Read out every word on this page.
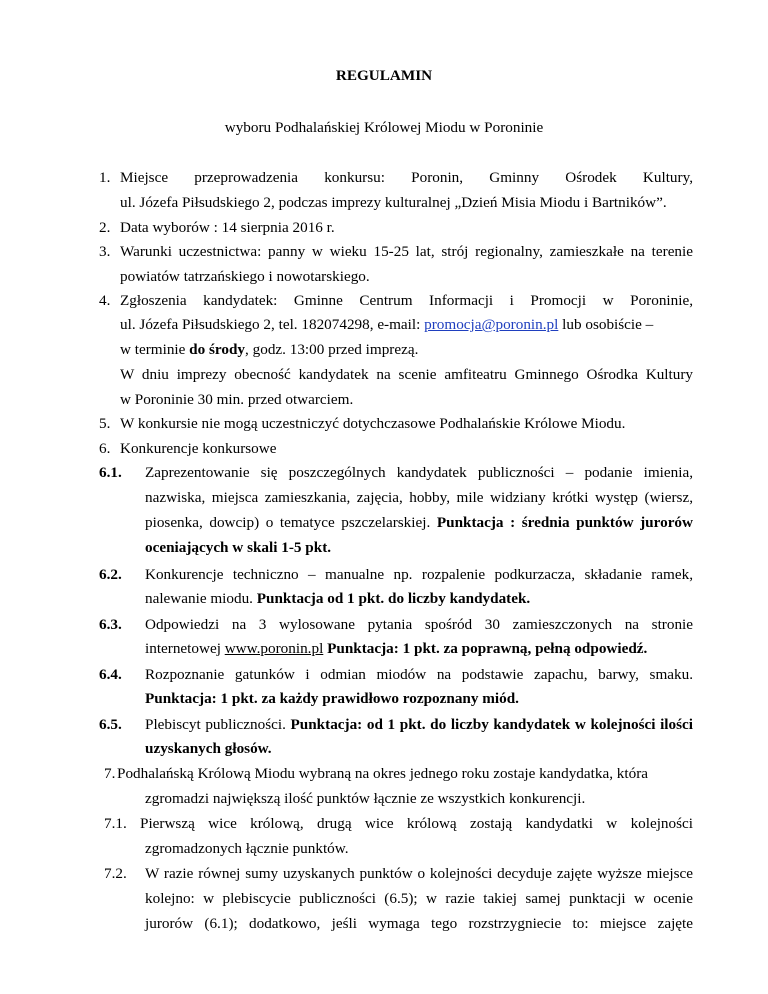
REGULAMIN
wyboru Podhalańskiej Królowej Miodu w Poroninie
1. Miejsce przeprowadzenia konkursu: Poronin, Gminny Ośrodek Kultury,
ul. Józefa Piłsudskiego 2, podczas imprezy kulturalnej „Dzień Misia Miodu i Bartników”.
2. Data wyborów : 14 sierpnia 2016 r.
3. Warunki uczestnictwa: panny w wieku 15-25 lat, strój regionalny, zamieszkałe na terenie
powiatów tatrzańskiego i nowotarskiego.
4. Zgłoszenia kandydatek: Gminne Centrum Informacji i Promocji w Poroninie,
ul. Józefa Piłsudskiego 2, tel. 182074298, e-mail: promocja@poronin.pl lub osobiście –
w terminie do środy, godz. 13:00 przed imprezą.
W dniu imprezy obecność kandydatek na scenie amfiteatru Gminnego Ośrodka Kultury
w Poroninie 30 min. przed otwarciem.
5. W konkursie nie mogą uczestniczyć dotychczasowe Podhalańskie Królowe Miodu.
6. Konkurencje konkursowe
6.1. Zaprezentowanie się poszczególnych kandydatek publiczności – podanie imienia,
nazwiska, miejsca zamieszkania, zajęcia, hobby, mile widziany krótki występ (wiersz,
piosenka, dowcip) o tematyce pszczelarskiej. Punktacja : średnia punktów jurorów
oceniających w skali 1-5 pkt.
6.2. Konkurencje techniczno – manualne np. rozpalenie podkurzacza, składanie ramek,
nalewanie miodu. Punktacja od 1 pkt. do liczby kandydatek.
6.3. Odpowiedzi na 3 wylosowane pytania spośród 30 zamieszczonych na stronie
internetowej www.poronin.pl Punktacja: 1 pkt. za poprawną, pełną odpowiedź.
6.4. Rozpoznanie gatunków i odmian miodów na podstawie zapachu, barwy, smaku.
Punktacja: 1 pkt. za każdy prawidłowo rozpoznany miód.
6.5. Plebiscyt publiczności. Punktacja: od 1 pkt. do liczby kandydatek w kolejności ilości
uzyskanych głosów.
7. Podhalańską Królową Miodu wybraną na okres jednego roku zostaje kandydatka, która
zgromadzi największą ilość punktów łącznie ze wszystkich konkurencji.
7.1. Pierwszą wice królową, drugą wice królową zostają kandydatki w kolejności
zgromadzonych łącznie punktów.
7.2. W razie równej sumy uzyskanych punktów o kolejności decyduje zajęte wyższe miejsce
kolejno: w plebiscycie publiczności (6.5); w razie takiej samej punktacji w ocenie
jurorów (6.1); dodatkowo, jeśli wymaga tego rozstrzygniecie to: miejsce zajęte
